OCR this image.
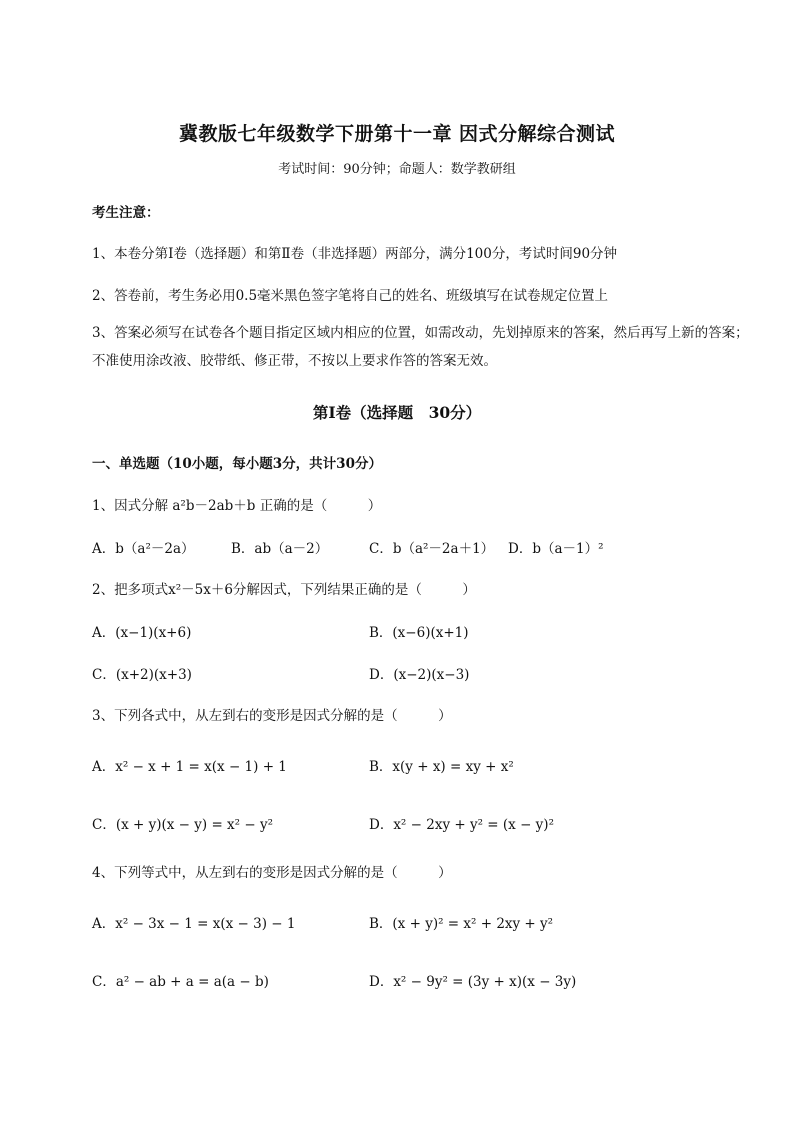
冀教版七年级数学下册第十一章 因式分解综合测试
考试时间：90分钟；命题人：数学教研组
考生注意：
1、本卷分第I卷（选择题）和第Ⅱ卷（非选择题）两部分，满分100分，考试时间90分钟
2、答卷前，考生务必用0.5毫米黑色签字笔将自己的姓名、班级填写在试卷规定位置上
3、答案必须写在试卷各个题目指定区域内相应的位置，如需改动，先划掉原来的答案，然后再写上新的答案；不准使用涂改液、胶带纸、修正带，不按以上要求作答的答案无效。
第I卷（选择题　30分）
一、单选题（10小题，每小题3分，共计30分）
1、因式分解 a²b－2ab＋b 正确的是（　　　）
A．b（a²－2a）	B．ab（a－2）	C．b（a²－2a＋1） D．b（a－1）²
2、把多项式x²－5x＋6分解因式，下列结果正确的是（　　　）
A．(x−1)(x+6)	B．(x−6)(x+1)
C．(x+2)(x+3)	D．(x−2)(x−3)
3、下列各式中，从左到右的变形是因式分解的是（　　　）
A．x² − x + 1 = x(x − 1) + 1	B．x(y + x) = xy + x²
C．(x + y)(x − y) = x² − y²	D．x² − 2xy + y² = (x − y)²
4、下列等式中，从左到右的变形是因式分解的是（　　　）
A．x² − 3x − 1 = x(x − 3) − 1	B．(x + y)² = x² + 2xy + y²
C．a² − ab + a = a(a − b)	D．x² − 9y² = (3y + x)(x − 3y)
